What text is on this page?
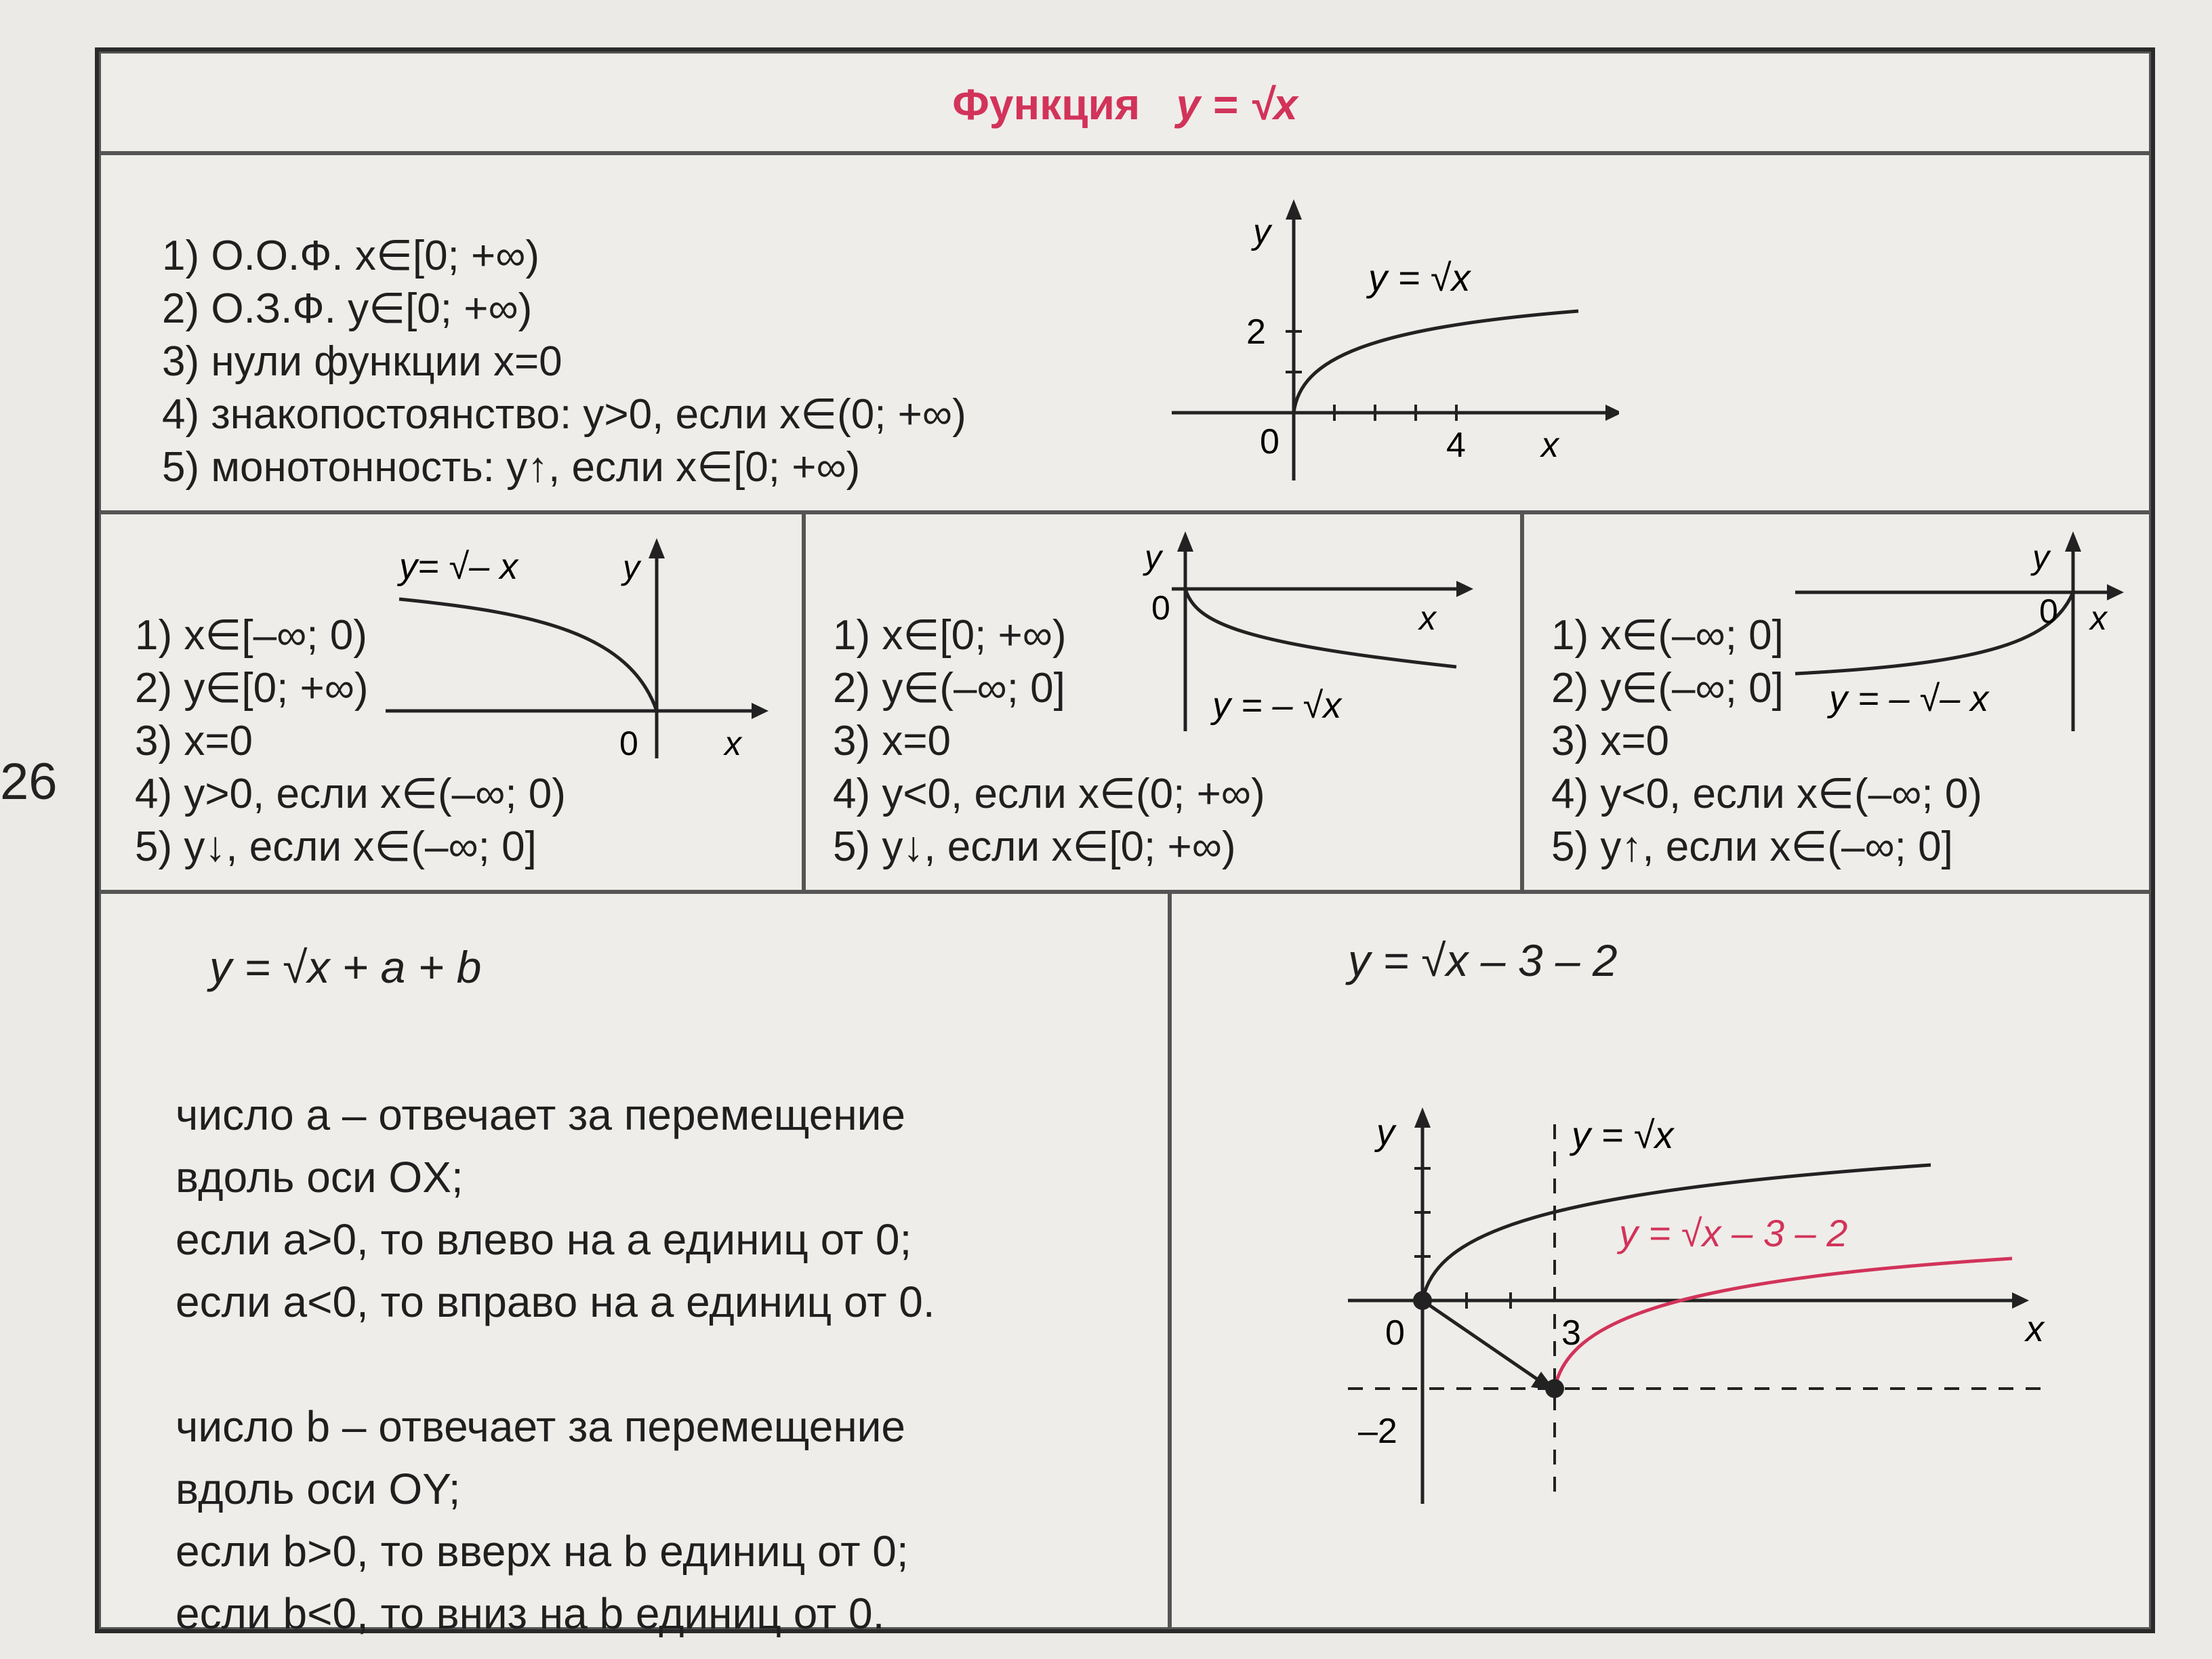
26
Функция y = √x
1) О.О.Ф. x∈[0; +∞)
2) О.З.Ф. y∈[0; +∞)
3) нули функции x=0
4) знакопостоянство: y>0, если x∈(0; +∞)
5) монотонность: y↑, если x∈[0; +∞)
0	4 x
2
y
y = √x
1) x∈[–∞; 0)
2) y∈[0; +∞)
3) x=0
4) y>0, если x∈(–∞; 0)
5) y↓, если x∈(–∞; 0]
y= √– x	y
0	x
1) x∈[0; +∞)
2) y∈(–∞; 0]
3) x=0
4) y<0, если x∈(0; +∞)
5) y↓, если x∈[0; +∞)
y
0	x
y = – √x
1) x∈(–∞; 0]
2) y∈(–∞; 0]
3) x=0
4) y<0, если x∈(–∞; 0)
5) y↑, если x∈(–∞; 0]
y
0 x
y = – √– x
y = √x + a + b
число a – отвечает за перемещение
вдоль оси OX;
если a>0, то влево на a единиц от 0;
если a<0, то вправо на a единиц от 0.

число b – отвечает за перемещение
вдоль оси OY;
если b>0, то вверх на b единиц от 0;
если b<0, то вниз на b единиц от 0.
y = √x – 3 – 2
y
0	3	x
–2
y = √x
y = √x – 3 – 2
